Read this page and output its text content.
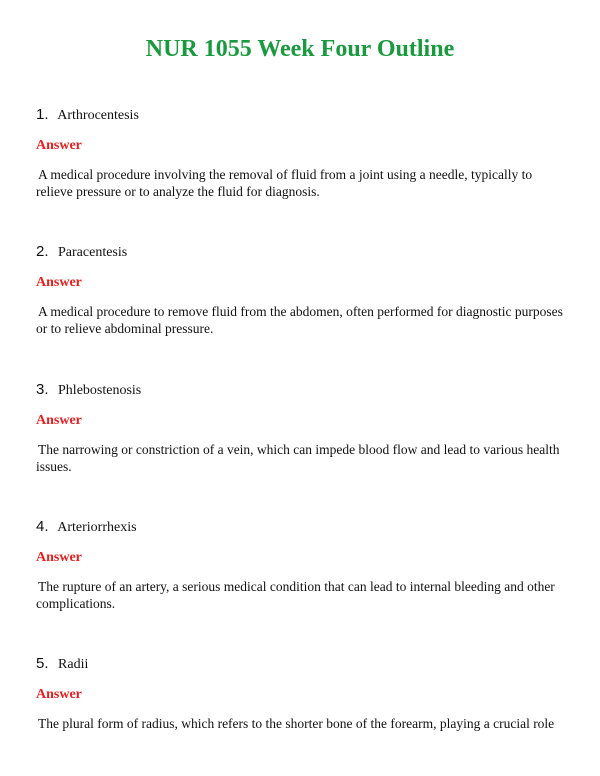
NUR 1055 Week Four Outline
1. Arthrocentesis
Answer
A medical procedure involving the removal of fluid from a joint using a needle, typically to relieve pressure or to analyze the fluid for diagnosis.
2. Paracentesis
Answer
A medical procedure to remove fluid from the abdomen, often performed for diagnostic purposes or to relieve abdominal pressure.
3. Phlebostenosis
Answer
The narrowing or constriction of a vein, which can impede blood flow and lead to various health issues.
4. Arteriorrhexis
Answer
The rupture of an artery, a serious medical condition that can lead to internal bleeding and other complications.
5. Radii
Answer
The plural form of radius, which refers to the shorter bone of the forearm, playing a crucial role
